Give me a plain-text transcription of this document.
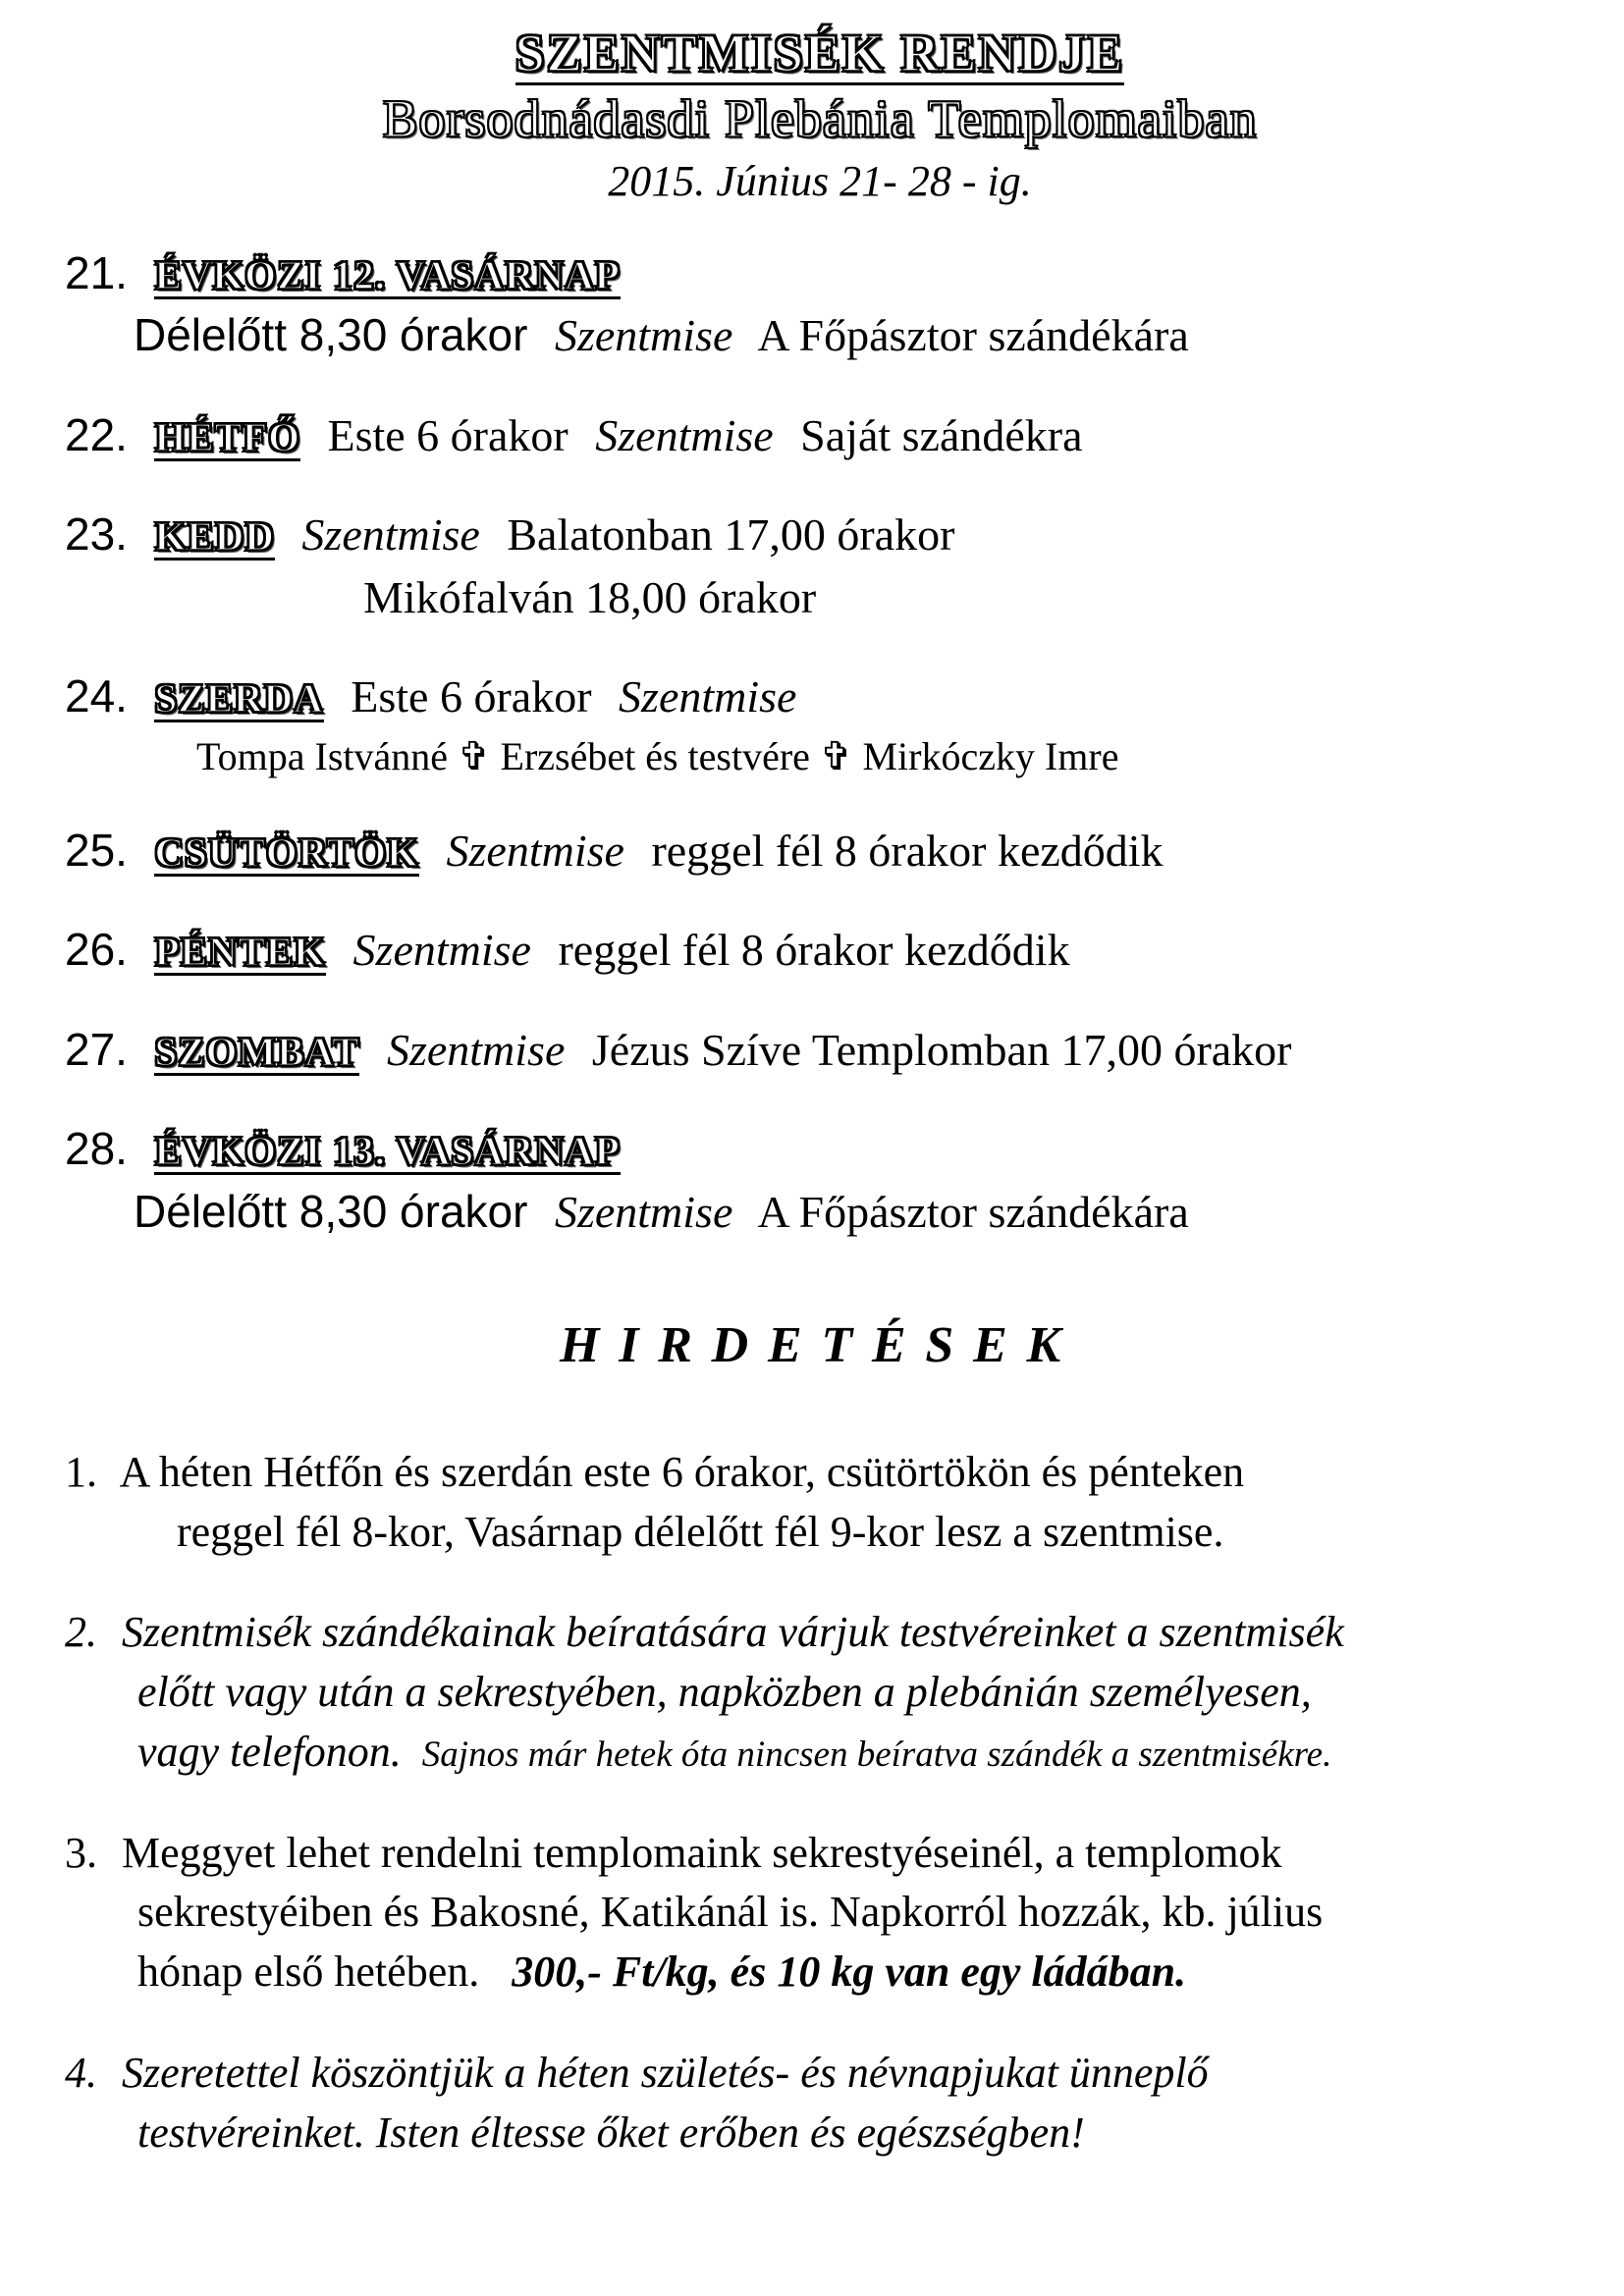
SZENTMISÉK RENDJE
Borsodnádasdi Plebánia Templomaiban
2015. Június 21- 28 - ig.
21. ÉVKÖZI 12. VASÁRNAP
Délelőtt 8,30 órakor Szentmise A Főpásztor szándékára
22. HÉTFŐ Este 6 órakor Szentmise Saját szándékra
23. KEDD Szentmise Balatonban 17,00 órakor
Mikófalván 18,00 órakor
24. SZERDA Este 6 órakor Szentmise
Tompa Istvánné ✞ Erzsébet és testvére ✞ Mirkóczky Imre
25. CSÜTÖRTÖK Szentmise reggel fél 8 órakor kezdődik
26. PÉNTEK Szentmise reggel fél 8 órakor kezdődik
27. SZOMBAT Szentmise Jézus Szíve Templomban 17,00 órakor
28. ÉVKÖZI 13. VASÁRNAP
Délelőtt 8,30 órakor Szentmise A Főpásztor szándékára
HIRDETÉSEK
1. A héten Hétfőn és szerdán este 6 órakor, csütörtökön és pénteken
reggel fél 8-kor, Vasárnap délelőtt fél 9-kor lesz a szentmise.
2. Szentmisék szándékainak beíratására várjuk testvéreinket a szentmisék
előtt vagy után a sekrestyében, napközben a plebánián személyesen,
vagy telefonon. Sajnos már hetek óta nincsen beíratva szándék a szentmisékre.
3. Meggyet lehet rendelni templomaink sekrestyéseinél, a templomok
sekrestyéiben és Bakosné, Katikánál is. Napkorról hozzák, kb. július
hónap első hetében. 300,- Ft/kg, és 10 kg van egy ládában.
4. Szeretettel köszöntjük a héten születés- és névnapjukat ünneplő
testvéreinket. Isten éltesse őket erőben és egészségben!
